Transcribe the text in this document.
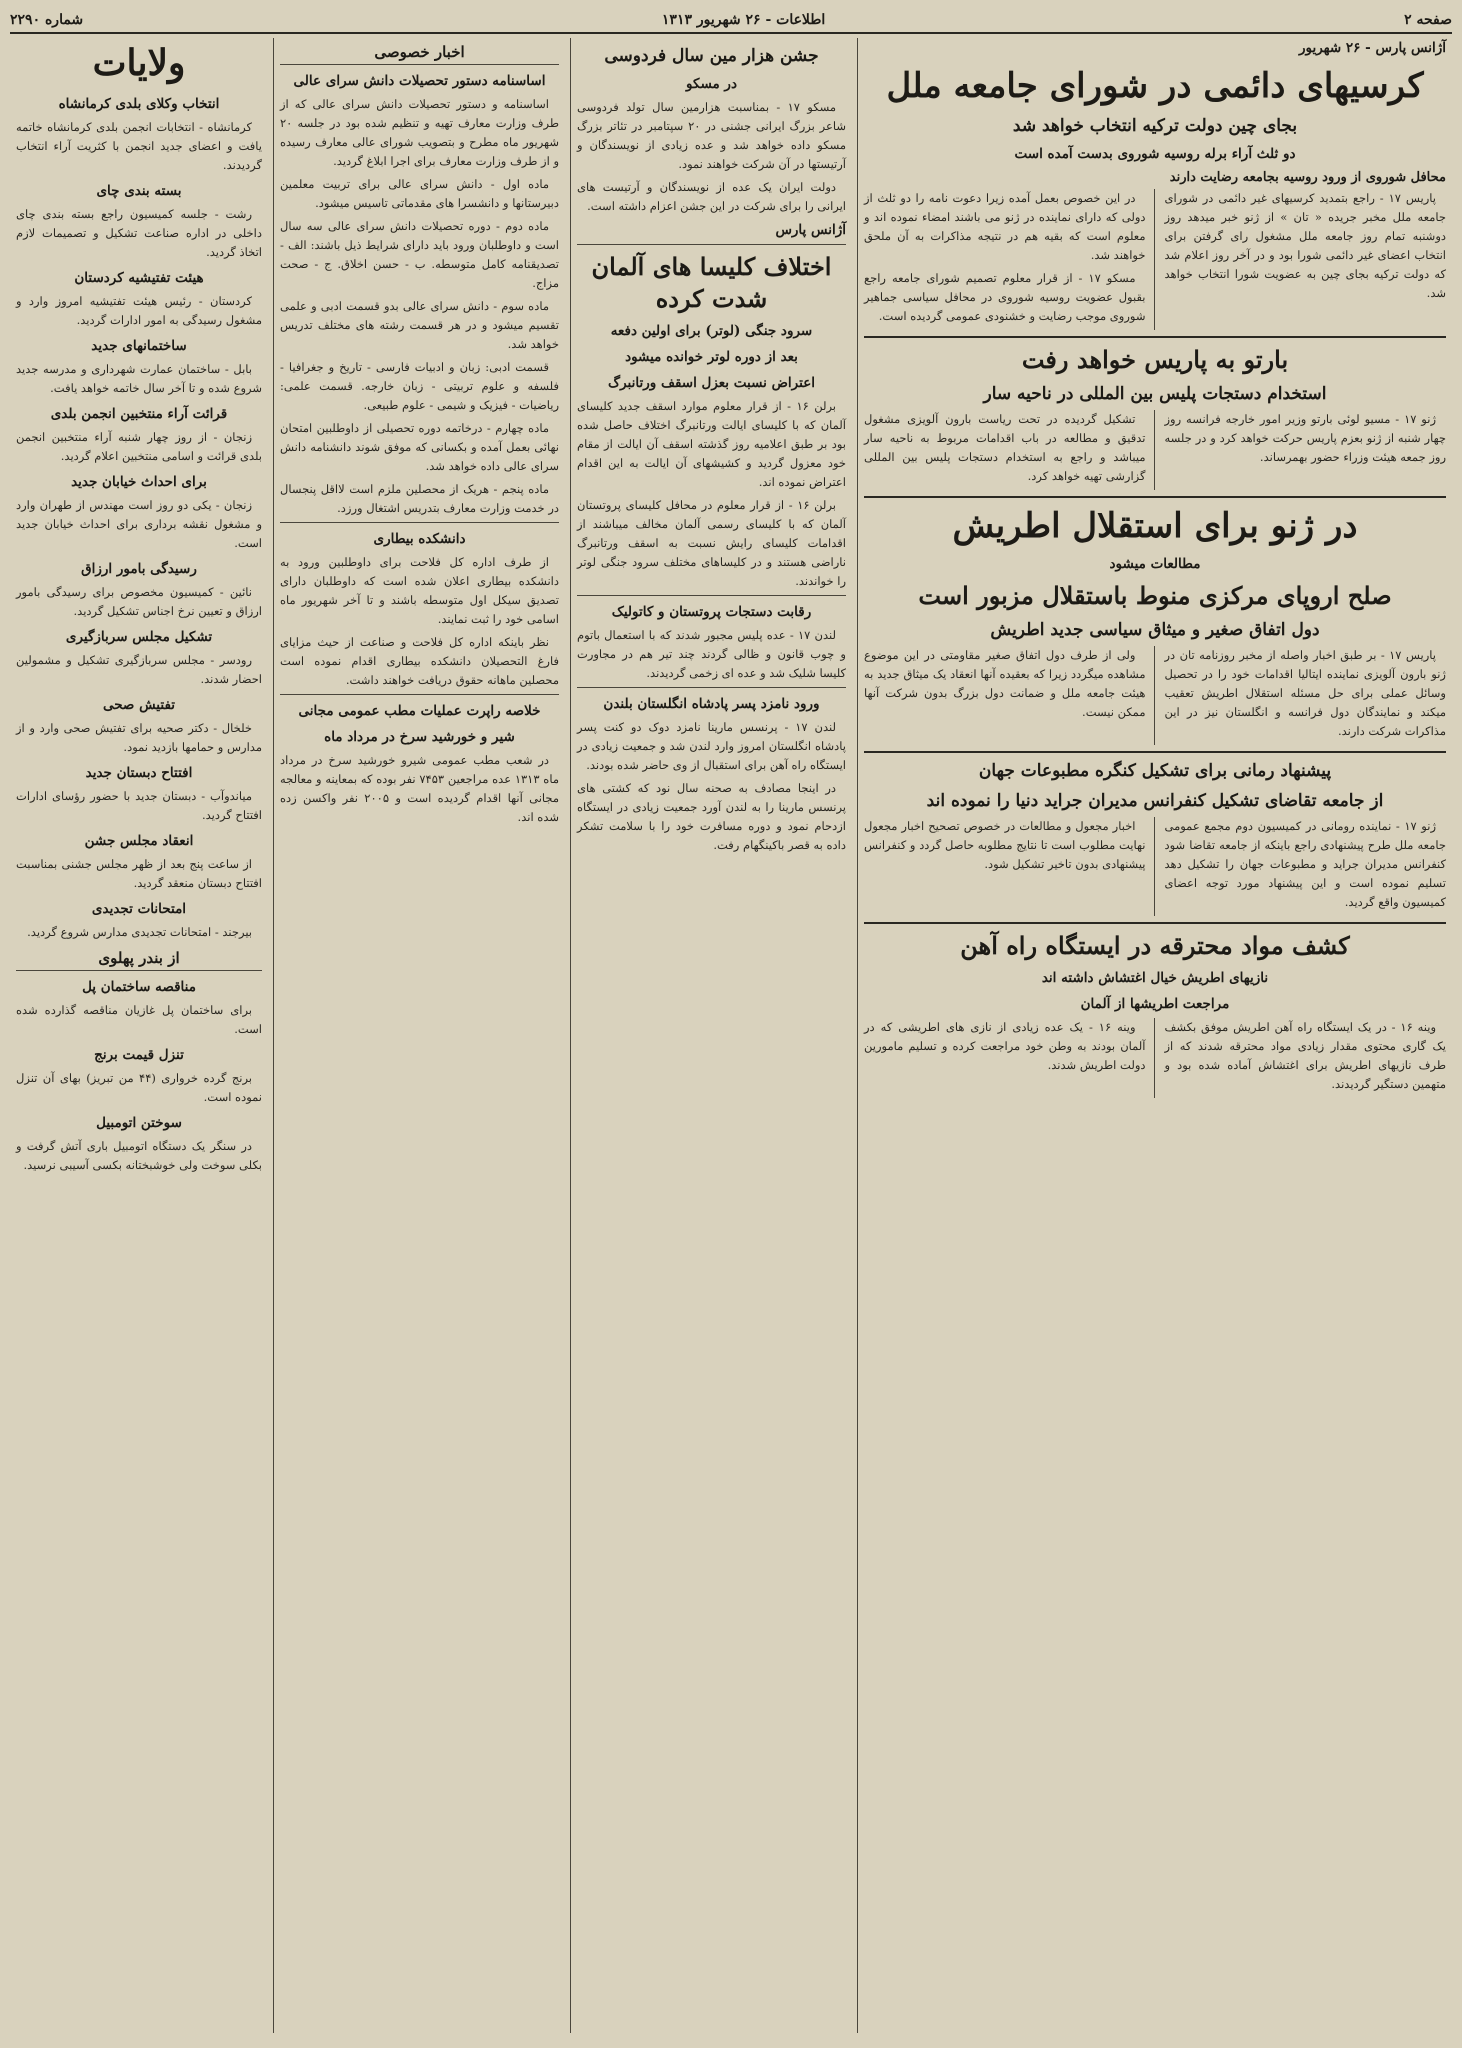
صفحه ۲
اطلاعات - ۲۶ شهریور ۱۳۱۳
شماره ۲۲۹۰
آژانس پارس - ۲۶ شهریور
کرسیهای دائمی در شورای جامعه ملل
بجای چین دولت ترکیه انتخاب خواهد شد
دو ثلث آراء برله روسیه شوروی بدست آمده است
محافل شوروی از ورود روسیه بجامعه رضایت دارند

پاریس ۱۷ - راجع بتمدید کرسیهای غیر دائمی در شورای جامعه ملل مخبر جریده « تان » از ژنو خبر میدهد روز دوشنبه تمام روز جامعه ملل مشغول رای گرفتن برای انتخاب اعضای غیر دائمی شورا بود و در آخر روز اعلام شد که دولت ترکیه بجای چین به عضویت شورا انتخاب خواهد شد.

در این خصوص بعمل آمده زیرا دعوت نامه را دو ثلث از دولی که دارای نماینده در ژنو می باشند امضاء نموده اند و معلوم است که بقیه هم در نتیجه مذاکرات به آن ملحق خواهند شد.

مسکو ۱۷ - از قرار معلوم تصمیم شورای جامعه راجع بقبول عضویت روسیه شوروی در محافل سیاسی جماهیر شوروی موجب رضایت و خشنودی عمومی گردیده است.

بارتو به پاریس خواهد رفت
استخدام دستجات پلیس بین المللی در ناحیه سار

ژنو ۱۷ - مسیو لوئی بارتو وزیر امور خارجه فرانسه روز چهار شنبه از ژنو بعزم پاریس حرکت خواهد کرد و در جلسه روز جمعه هیئت وزراء حضور بهمرساند.

تشکیل گردیده در تحت ریاست بارون آلویزی مشغول تدقیق و مطالعه در باب اقدامات مربوط به ناحیه سار میباشد و راجع به استخدام دستجات پلیس بین المللی گزارشی تهیه خواهد کرد.

در ژنو برای استقلال اطریش
مطالعات میشود
صلح اروپای مرکزی منوط باستقلال مزبور است
دول اتفاق صغیر و میثاق سیاسی جدید اطریش

پاریس ۱۷ - بر طبق اخبار واصله از مخبر روزنامه تان در ژنو بارون آلویزی نماینده ایتالیا اقدامات خود را در تحصیل وسائل عملی برای حل مسئله استقلال اطریش تعقیب میکند و نمایندگان دول فرانسه و انگلستان نیز در این مذاکرات شرکت دارند.

ولی از طرف دول اتفاق صغیر مقاومتی در این موضوع مشاهده میگردد زیرا که بعقیده آنها انعقاد یک میثاق جدید به هیئت جامعه ملل و ضمانت دول بزرگ بدون شرکت آنها ممکن نیست.

پیشنهاد رمانی برای تشکیل کنگره مطبوعات جهان
از جامعه تقاضای تشکیل کنفرانس مدیران جراید دنیا را نموده اند

ژنو ۱۷ - نماینده رومانی در کمیسیون دوم مجمع عمومی جامعه ملل طرح پیشنهادی راجع باینکه از جامعه تقاضا شود کنفرانس مدیران جراید و مطبوعات جهان را تشکیل دهد تسلیم نموده است و این پیشنهاد مورد توجه اعضای کمیسیون واقع گردید.

اخبار مجعول و مطالعات در خصوص تصحیح اخبار مجعول نهایت مطلوب است تا نتایج مطلوبه حاصل گردد و کنفرانس پیشنهادی بدون تاخیر تشکیل شود.

کشف مواد محترقه در ایستگاه راه آهن
نازیهای اطریش خیال اغتشاش داشته اند
مراجعت اطریشها از آلمان

وینه ۱۶ - در یک ایستگاه راه آهن اطریش موفق بکشف یک گاری محتوی مقدار زیادی مواد محترقه شدند که از طرف نازیهای اطریش برای اغتشاش آماده شده بود و متهمین دستگیر گردیدند.

وینه ۱۶ - یک عده زیادی از نازی های اطریشی که در آلمان بودند به وطن خود مراجعت کرده و تسلیم مامورین دولت اطریش شدند.

جشن هزار مین سال فردوسی
در مسکو

مسکو ۱۷ - بمناسبت هزارمین سال تولد فردوسی شاعر بزرگ ایرانی جشنی در ۲۰ سپتامبر در تئاتر بزرگ مسکو داده خواهد شد و عده زیادی از نویسندگان و آرتیستها در آن شرکت خواهند نمود.

دولت ایران یک عده از نویسندگان و آرتیست های ایرانی را برای شرکت در این جشن اعزام داشته است.

آژانس پارس
اختلاف کلیسا های آلمان شدت کرده
سرود جنگی (لوتر) برای اولین دفعه
بعد از دوره لوتر خوانده میشود
اعتراض نسبت بعزل اسقف ورتانبرگ

برلن ۱۶ - از قرار معلوم موارد اسقف جدید کلیسای آلمان که با کلیسای ایالت ورتانبرگ اختلاف حاصل شده بود بر طبق اعلامیه روز گذشته اسقف آن ایالت از مقام خود معزول گردید و کشیشهای آن ایالت به این اقدام اعتراض نموده اند.

برلن ۱۶ - از قرار معلوم در محافل کلیسای پروتستان آلمان که با کلیسای رسمی آلمان مخالف میباشند از اقدامات کلیسای رایش نسبت به اسقف ورتانبرگ ناراضی هستند و در کلیساهای مختلف سرود جنگی لوتر را خواندند.

رقابت دستجات پروتستان و کاتولیک

لندن ۱۷ - عده پلیس مجبور شدند که با استعمال باتوم و چوب قانون و ظالی گردند چند تیر هم در مجاورت کلیسا شلیک شد و عده ای زخمی گردیدند.

ورود نامزد پسر پادشاه انگلستان بلندن

لندن ۱۷ - پرنسس مارینا نامزد دوک دو کنت پسر پادشاه انگلستان امروز وارد لندن شد و جمعیت زیادی در ایستگاه راه آهن برای استقبال از وی حاضر شده بودند.

در اینجا مصادف به صحنه سال نود که کشتی های پرنسس مارینا را به لندن آورد جمعیت زیادی در ایستگاه ازدحام نمود و دوره مسافرت خود را با سلامت تشکر داده به قصر باکینگهام رفت.

اخبار خصوصی
اساسنامه دستور تحصیلات دانش سرای عالی

اساسنامه و دستور تحصیلات دانش سرای عالی که از طرف وزارت معارف تهیه و تنظیم شده بود در جلسه ۲۰ شهریور ماه مطرح و بتصویب شورای عالی معارف رسیده و از طرف وزارت معارف برای اجرا ابلاغ گردید.

ماده اول - دانش سرای عالی برای تربیت معلمین دبیرستانها و دانشسرا های مقدماتی تاسیس میشود.

ماده دوم - دوره تحصیلات دانش سرای عالی سه سال است و داوطلبان ورود باید دارای شرایط ذیل باشند: الف - تصدیقنامه کامل متوسطه. ب - حسن اخلاق. ج - صحت مزاج.

ماده سوم - دانش سرای عالی بدو قسمت ادبی و علمی تقسیم میشود و در هر قسمت رشته های مختلف تدریس خواهد شد.

قسمت ادبی: زبان و ادبیات فارسی - تاریخ و جغرافیا - فلسفه و علوم تربیتی - زبان خارجه. قسمت علمی: ریاضیات - فیزیک و شیمی - علوم طبیعی.

ماده چهارم - درخاتمه دوره تحصیلی از داوطلبین امتحان نهائی بعمل آمده و بکسانی که موفق شوند دانشنامه دانش سرای عالی داده خواهد شد.

ماده پنجم - هریک از محصلین ملزم است لااقل پنجسال در خدمت وزارت معارف بتدریس اشتغال ورزد.

دانشکده بیطاری

از طرف اداره کل فلاحت برای داوطلبین ورود به دانشکده بیطاری اعلان شده است که داوطلبان دارای تصدیق سیکل اول متوسطه باشند و تا آخر شهریور ماه اسامی خود را ثبت نمایند.

نظر باینکه اداره کل فلاحت و صناعت از حیث مزایای فارغ التحصیلان دانشکده بیطاری اقدام نموده است محصلین ماهانه حقوق دریافت خواهند داشت.

خلاصه راپرت عملیات مطب عمومی مجانی
شیر و خورشید سرخ در مرداد ماه

در شعب مطب عمومی شیرو خورشید سرخ در مرداد ماه ۱۳۱۳ عده مراجعین ۷۴۵۳ نفر بوده که بمعاینه و معالجه مجانی آنها اقدام گردیده است و ۲۰۰۵ نفر واکسن زده شده اند.

ولایات
انتخاب وکلای بلدی کرمانشاه

کرمانشاه - انتخابات انجمن بلدی کرمانشاه خاتمه یافت و اعضای جدید انجمن با کثریت آراء انتخاب گردیدند.

بسته بندی چای

رشت - جلسه کمیسیون راجع بسته بندی چای داخلی در اداره صناعت تشکیل و تصمیمات لازم اتخاذ گردید.

هیئت تفتیشیه کردستان

کردستان - رئیس هیئت تفتیشیه امروز وارد و مشغول رسیدگی به امور ادارات گردید.

ساختمانهای جدید

بابل - ساختمان عمارت شهرداری و مدرسه جدید شروع شده و تا آخر سال خاتمه خواهد یافت.

قرائت آراء منتخبین انجمن بلدی

زنجان - از روز چهار شنبه آراء منتخبین انجمن بلدی قرائت و اسامی منتخبین اعلام گردید.

برای احداث خیابان جدید

زنجان - یکی دو روز است مهندس از طهران وارد و مشغول نقشه برداری برای احداث خیابان جدید است.

رسیدگی بامور ارزاق

نائین - کمیسیون مخصوص برای رسیدگی بامور ارزاق و تعیین نرخ اجناس تشکیل گردید.

تشکیل مجلس سربازگیری

رودسر - مجلس سربازگیری تشکیل و مشمولین احضار شدند.

تفتیش صحی

خلخال - دکتر صحیه برای تفتیش صحی وارد و از مدارس و حمامها بازدید نمود.

افتتاح دبستان جدید

میاندوآب - دبستان جدید با حضور رؤسای ادارات افتتاح گردید.

انعقاد مجلس جشن

از ساعت پنج بعد از ظهر مجلس جشنی بمناسبت افتتاح دبستان منعقد گردید.

امتحانات تجدیدی

بیرجند - امتحانات تجدیدی مدارس شروع گردید.

از بندر پهلوی
مناقصه ساختمان پل

برای ساختمان پل غازیان مناقصه گذارده شده است.

تنزل قیمت برنج

برنج گرده خرواری (۴۴ من تبریز) بهای آن تنزل نموده است.

سوختن اتومبیل

در سنگر یک دستگاه اتومبیل باری آتش گرفت و بکلی سوخت ولی خوشبختانه بکسی آسیبی نرسید.
